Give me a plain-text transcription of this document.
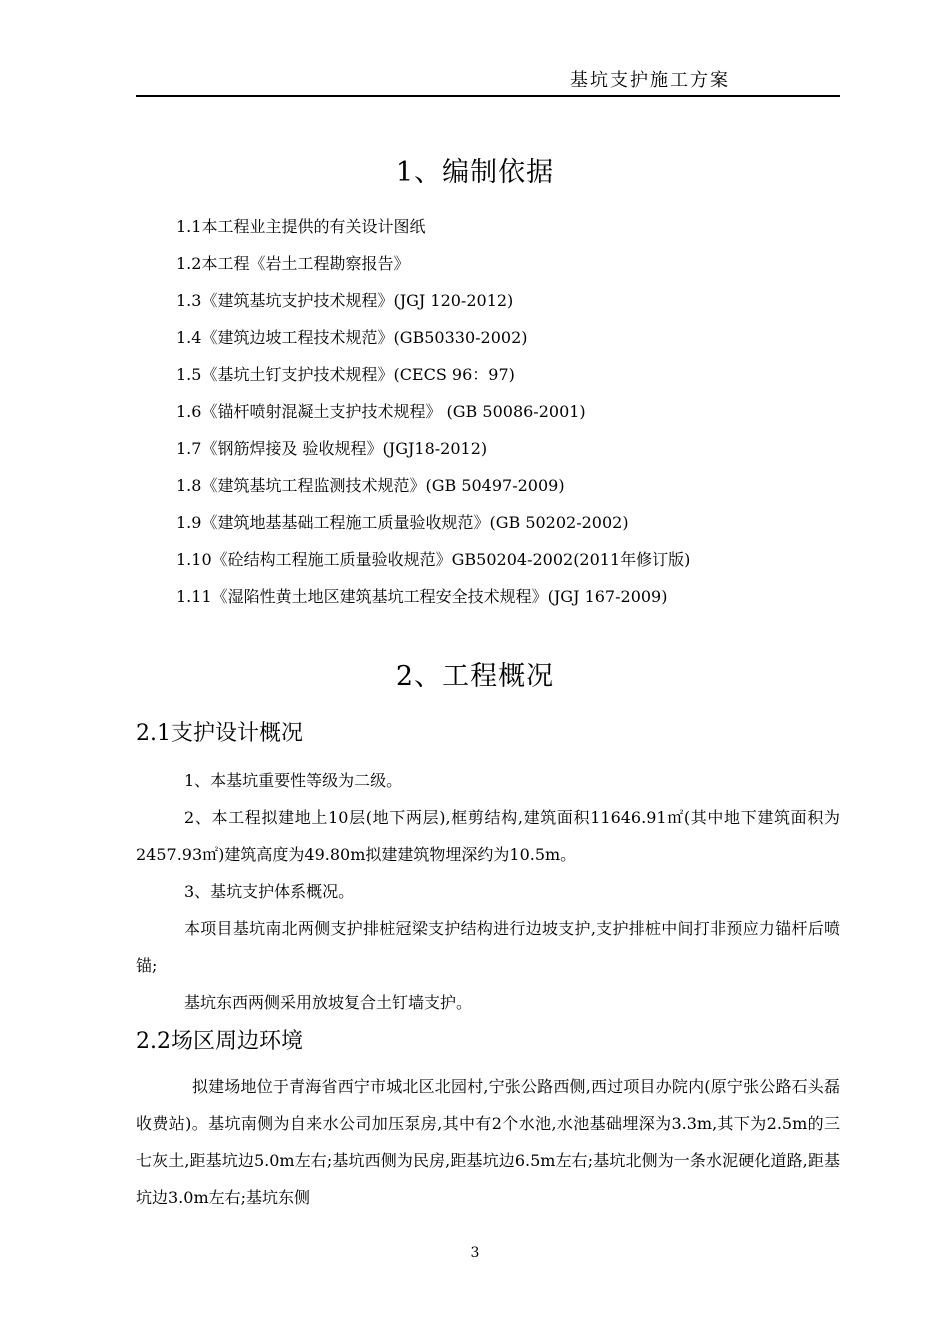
基坑支护施工方案
1、编制依据
1.1本工程业主提供的有关设计图纸
1.2本工程《岩土工程勘察报告》
1.3《建筑基坑支护技术规程》(JGJ 120-2012)
1.4《建筑边坡工程技术规范》(GB50330-2002)
1.5《基坑土钉支护技术规程》(CECS 96：97)
1.6《锚杆喷射混凝土支护技术规程》 (GB 50086-2001)
1.7《钢筋焊接及 验收规程》(JGJ18-2012)
1.8《建筑基坑工程监测技术规范》(GB 50497-2009)
1.9《建筑地基基础工程施工质量验收规范》(GB 50202-2002)
1.10《砼结构工程施工质量验收规范》GB50204-2002(2011年修订版)
1.11《湿陷性黄土地区建筑基坑工程安全技术规程》(JGJ 167-2009)
2、工程概况
2.1支护设计概况

1、本基坑重要性等级为二级。

2、本工程拟建地上10层(地下两层),框剪结构,建筑面积11646.91㎡(其中地下建筑面积为2457.93㎡)建筑高度为49.80m拟建建筑物埋深约为10.5m。

3、基坑支护体系概况。

本项目基坑南北两侧支护排桩冠梁支护结构进行边坡支护,支护排桩中间打非预应力锚杆后喷锚;

基坑东西两侧采用放坡复合土钉墙支护。

2.2场区周边环境

拟建场地位于青海省西宁市城北区北园村,宁张公路西侧,西过项目办院内(原宁张公路石头磊收费站)。基坑南侧为自来水公司加压泵房,其中有2个水池,水池基础埋深为3.3m,其下为2.5m的三七灰土,距基坑边5.0m左右;基坑西侧为民房,距基坑边6.5m左右;基坑北侧为一条水泥硬化道路,距基坑边3.0m左右;基坑东侧

3
